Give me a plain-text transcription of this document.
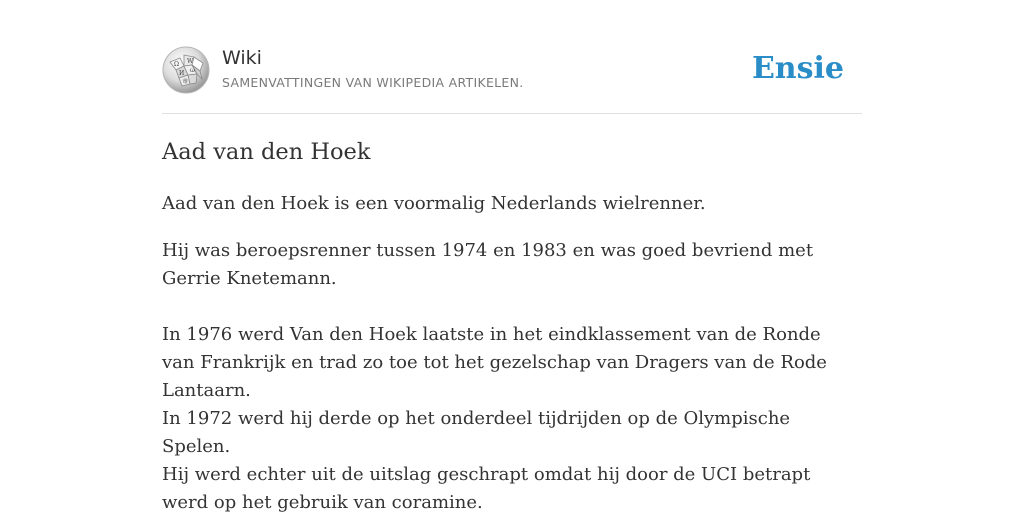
Ω W
И ω
维
Wiki
SAMENVATTINGEN VAN WIKIPEDIA ARTIKELEN.	Ensie
Aad van den Hoek

Aad van den Hoek is een voormalig Nederlands wielrenner.

Hij was beroepsrenner tussen 1974 en 1983 en was goed bevriend met Gerrie Knetemann.

In 1976 werd Van den Hoek laatste in het eindklassement van de Ronde van Frankrijk en trad zo toe tot het gezelschap van Dragers van de Rode Lantaarn.

In 1972 werd hij derde op het onderdeel tijdrijden op de Olympische Spelen.

Hij werd echter uit de uitslag geschrapt omdat hij door de UCI betrapt werd op het gebruik van coramine.
